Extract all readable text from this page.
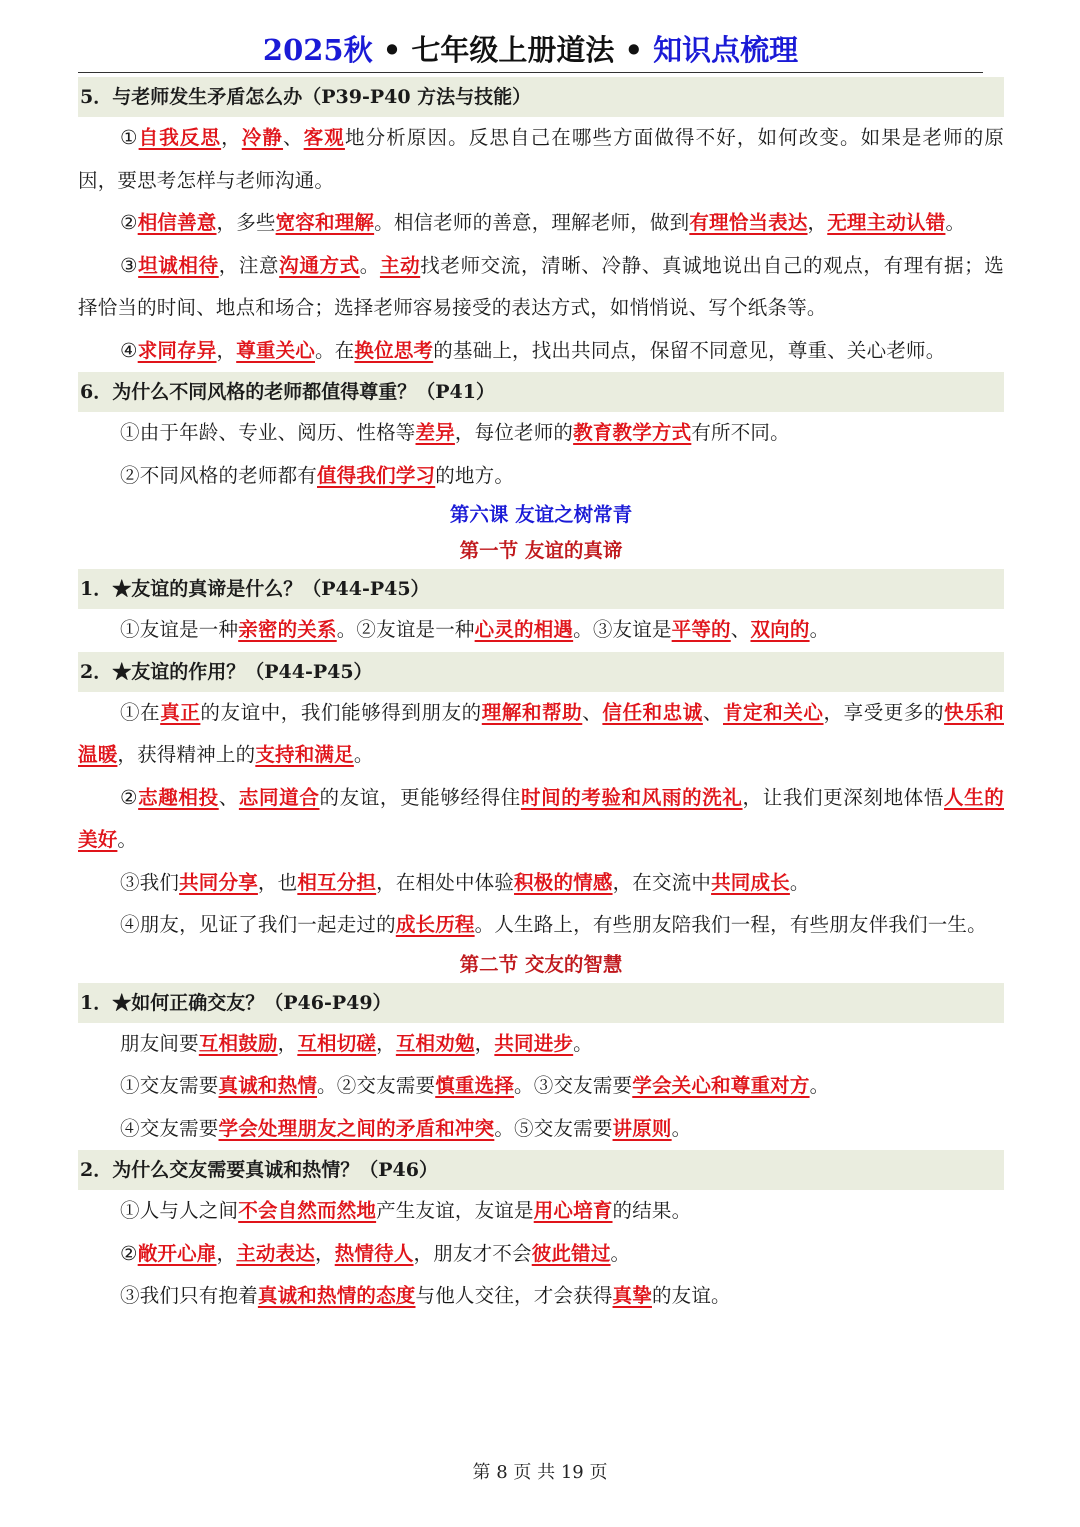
2025秋 • 七年级上册道法 • 知识点梳理
5．与老师发生矛盾怎么办（P39-P40 方法与技能）
①自我反思，冷静、客观地分析原因。反思自己在哪些方面做得不好，如何改变。如果是老师的原因，要思考怎样与老师沟通。
②相信善意，多些宽容和理解。相信老师的善意，理解老师，做到有理恰当表达，无理主动认错。
③坦诚相待，注意沟通方式。主动找老师交流，清晰、冷静、真诚地说出自己的观点，有理有据；选择恰当的时间、地点和场合；选择老师容易接受的表达方式，如悄悄说、写个纸条等。
④求同存异，尊重关心。在换位思考的基础上，找出共同点，保留不同意见，尊重、关心老师。
6．为什么不同风格的老师都值得尊重？（P41）
①由于年龄、专业、阅历、性格等差异，每位老师的教育教学方式有所不同。
②不同风格的老师都有值得我们学习的地方。
第六课 友谊之树常青
第一节 友谊的真谛
1．★友谊的真谛是什么？（P44-P45）
①友谊是一种亲密的关系。②友谊是一种心灵的相遇。③友谊是平等的、双向的。
2．★友谊的作用？（P44-P45）
①在真正的友谊中，我们能够得到朋友的理解和帮助、信任和忠诚、肯定和关心，享受更多的快乐和温暖，获得精神上的支持和满足。
②志趣相投、志同道合的友谊，更能够经得住时间的考验和风雨的洗礼，让我们更深刻地体悟人生的美好。
③我们共同分享，也相互分担，在相处中体验积极的情感，在交流中共同成长。
④朋友，见证了我们一起走过的成长历程。人生路上，有些朋友陪我们一程，有些朋友伴我们一生。
第二节 交友的智慧
1．★如何正确交友？（P46-P49）
朋友间要互相鼓励，互相切磋，互相劝勉，共同进步。
①交友需要真诚和热情。②交友需要慎重选择。③交友需要学会关心和尊重对方。
④交友需要学会处理朋友之间的矛盾和冲突。⑤交友需要讲原则。
2．为什么交友需要真诚和热情？（P46）
①人与人之间不会自然而然地产生友谊，友谊是用心培育的结果。
②敞开心扉，主动表达，热情待人，朋友才不会彼此错过。
③我们只有抱着真诚和热情的态度与他人交往，才会获得真挚的友谊。
第 8 页 共 19 页
